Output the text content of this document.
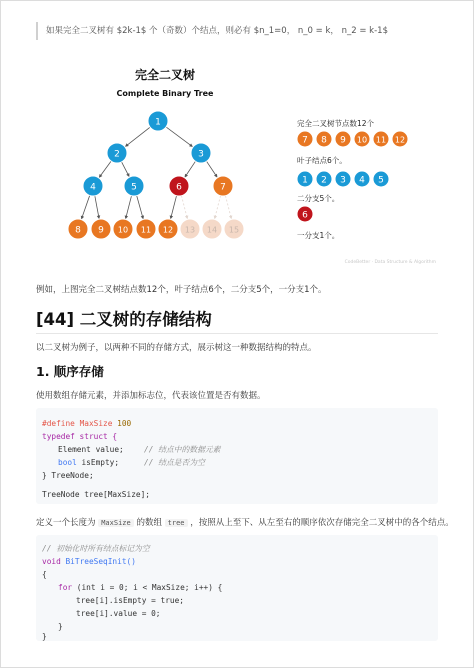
如果完全二叉树有 $2k-1$ 个（奇数）个结点，则必有 $n_1=0， n_0 = k， n_2 = k-1$
完全二叉树
Complete Binary Tree
1
2	3
4	5	6	7
8 9 10 11 12 13 14 15
完全二叉树节点数12个
7 8 9 10 11 12
叶子结点6个。
1 2 3 4 5
二分支5个。
6
一分支1个。
CodeBetter · Data Structure & Algorithm
例如，上图完全二叉树结点数12个，叶子结点6个，二分支5个，一分支1个。
[44] 二叉树的存储结构
以二叉树为例子，以两种不同的存储方式，展示树这一种数据结构的特点。
1. 顺序存储
使用数组存储元素，并添加标志位，代表该位置是否有数据。
#define MaxSize 100
typedef struct {
Element value;	// 结点中的数据元素
bool isEmpty;	// 结点是否为空
} TreeNode;
TreeNode tree[MaxSize];
定义一个长度为 MaxSize 的数组 tree ，按照从上至下、从左至右的顺序依次存储完全二叉树中的各个结点。
// 初始化时所有结点标记为空
void BiTreeSeqInit()
{
for (int i = 0; i < MaxSize; i++) {
tree[i].isEmpty = true;
tree[i].value = 0;
}
}
